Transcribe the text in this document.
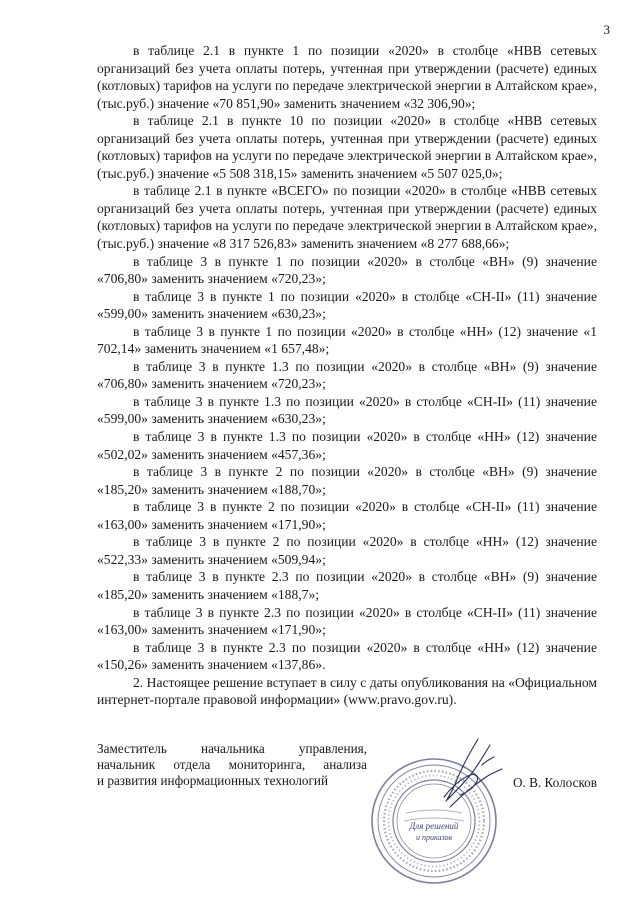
3

в таблице 2.1 в пункте 1 по позиции «2020» в столбце «НВВ сетевых организаций без учета оплаты потерь, учтенная при утверждении (расчете) единых (котловых) тарифов на услуги по передаче электрической энергии в Алтайском крае», (тыс.руб.) значение «70 851,90» заменить значением «32 306,90»;

в таблице 2.1 в пункте 10 по позиции «2020» в столбце «НВВ сетевых организаций без учета оплаты потерь, учтенная при утверждении (расчете) единых (котловых) тарифов на услуги по передаче электрической энергии в Алтайском крае», (тыс.руб.) значение «5 508 318,15» заменить значением «5 507 025,0»;

в таблице 2.1 в пункте «ВСЕГО» по позиции «2020» в столбце «НВВ сетевых организаций без учета оплаты потерь, учтенная при утверждении (расчете) единых (котловых) тарифов на услуги по передаче электрической энергии в Алтайском крае», (тыс.руб.) значение «8 317 526,83» заменить значением «8 277 688,66»;

в таблице 3 в пункте 1 по позиции «2020» в столбце «ВН» (9) значение «706,80» заменить значением «720,23»;

в таблице 3 в пункте 1 по позиции «2020» в столбце «СН-II» (11) значение «599,00» заменить значением «630,23»;

в таблице 3 в пункте 1 по позиции «2020» в столбце «НН» (12) значение «1 702,14» заменить значением «1 657,48»;

в таблице 3 в пункте 1.3 по позиции «2020» в столбце «ВН» (9) значение «706,80» заменить значением «720,23»;

в таблице 3 в пункте 1.3 по позиции «2020» в столбце «СН-II» (11) значение «599,00» заменить значением «630,23»;

в таблице 3 в пункте 1.3 по позиции «2020» в столбце «НН» (12) значение «502,02» заменить значением «457,36»;

в таблице 3 в пункте 2 по позиции «2020» в столбце «ВН» (9) значение «185,20» заменить значением «188,70»;

в таблице 3 в пункте 2 по позиции «2020» в столбце «СН-II» (11) значение «163,00» заменить значением «171,90»;

в таблице 3 в пункте 2 по позиции «2020» в столбце «НН» (12) значение «522,33» заменить значением «509,94»;

в таблице 3 в пункте 2.3 по позиции «2020» в столбце «ВН» (9) значение «185,20» заменить значением «188,7»;

в таблице 3 в пункте 2.3 по позиции «2020» в столбце «СН-II» (11) значение «163,00» заменить значением «171,90»;

в таблице 3 в пункте 2.3 по позиции «2020» в столбце «НН» (12) значение «150,26» заменить значением «137,86».

2. Настоящее решение вступает в силу с даты опубликования на «Официальном интернет-портале правовой информации» (www.pravo.gov.ru).

Заместитель начальника управления,
начальник отдела мониторинга, анализа
и развития информационных технологий
Для решений
и приказов
О. В. Колосков
